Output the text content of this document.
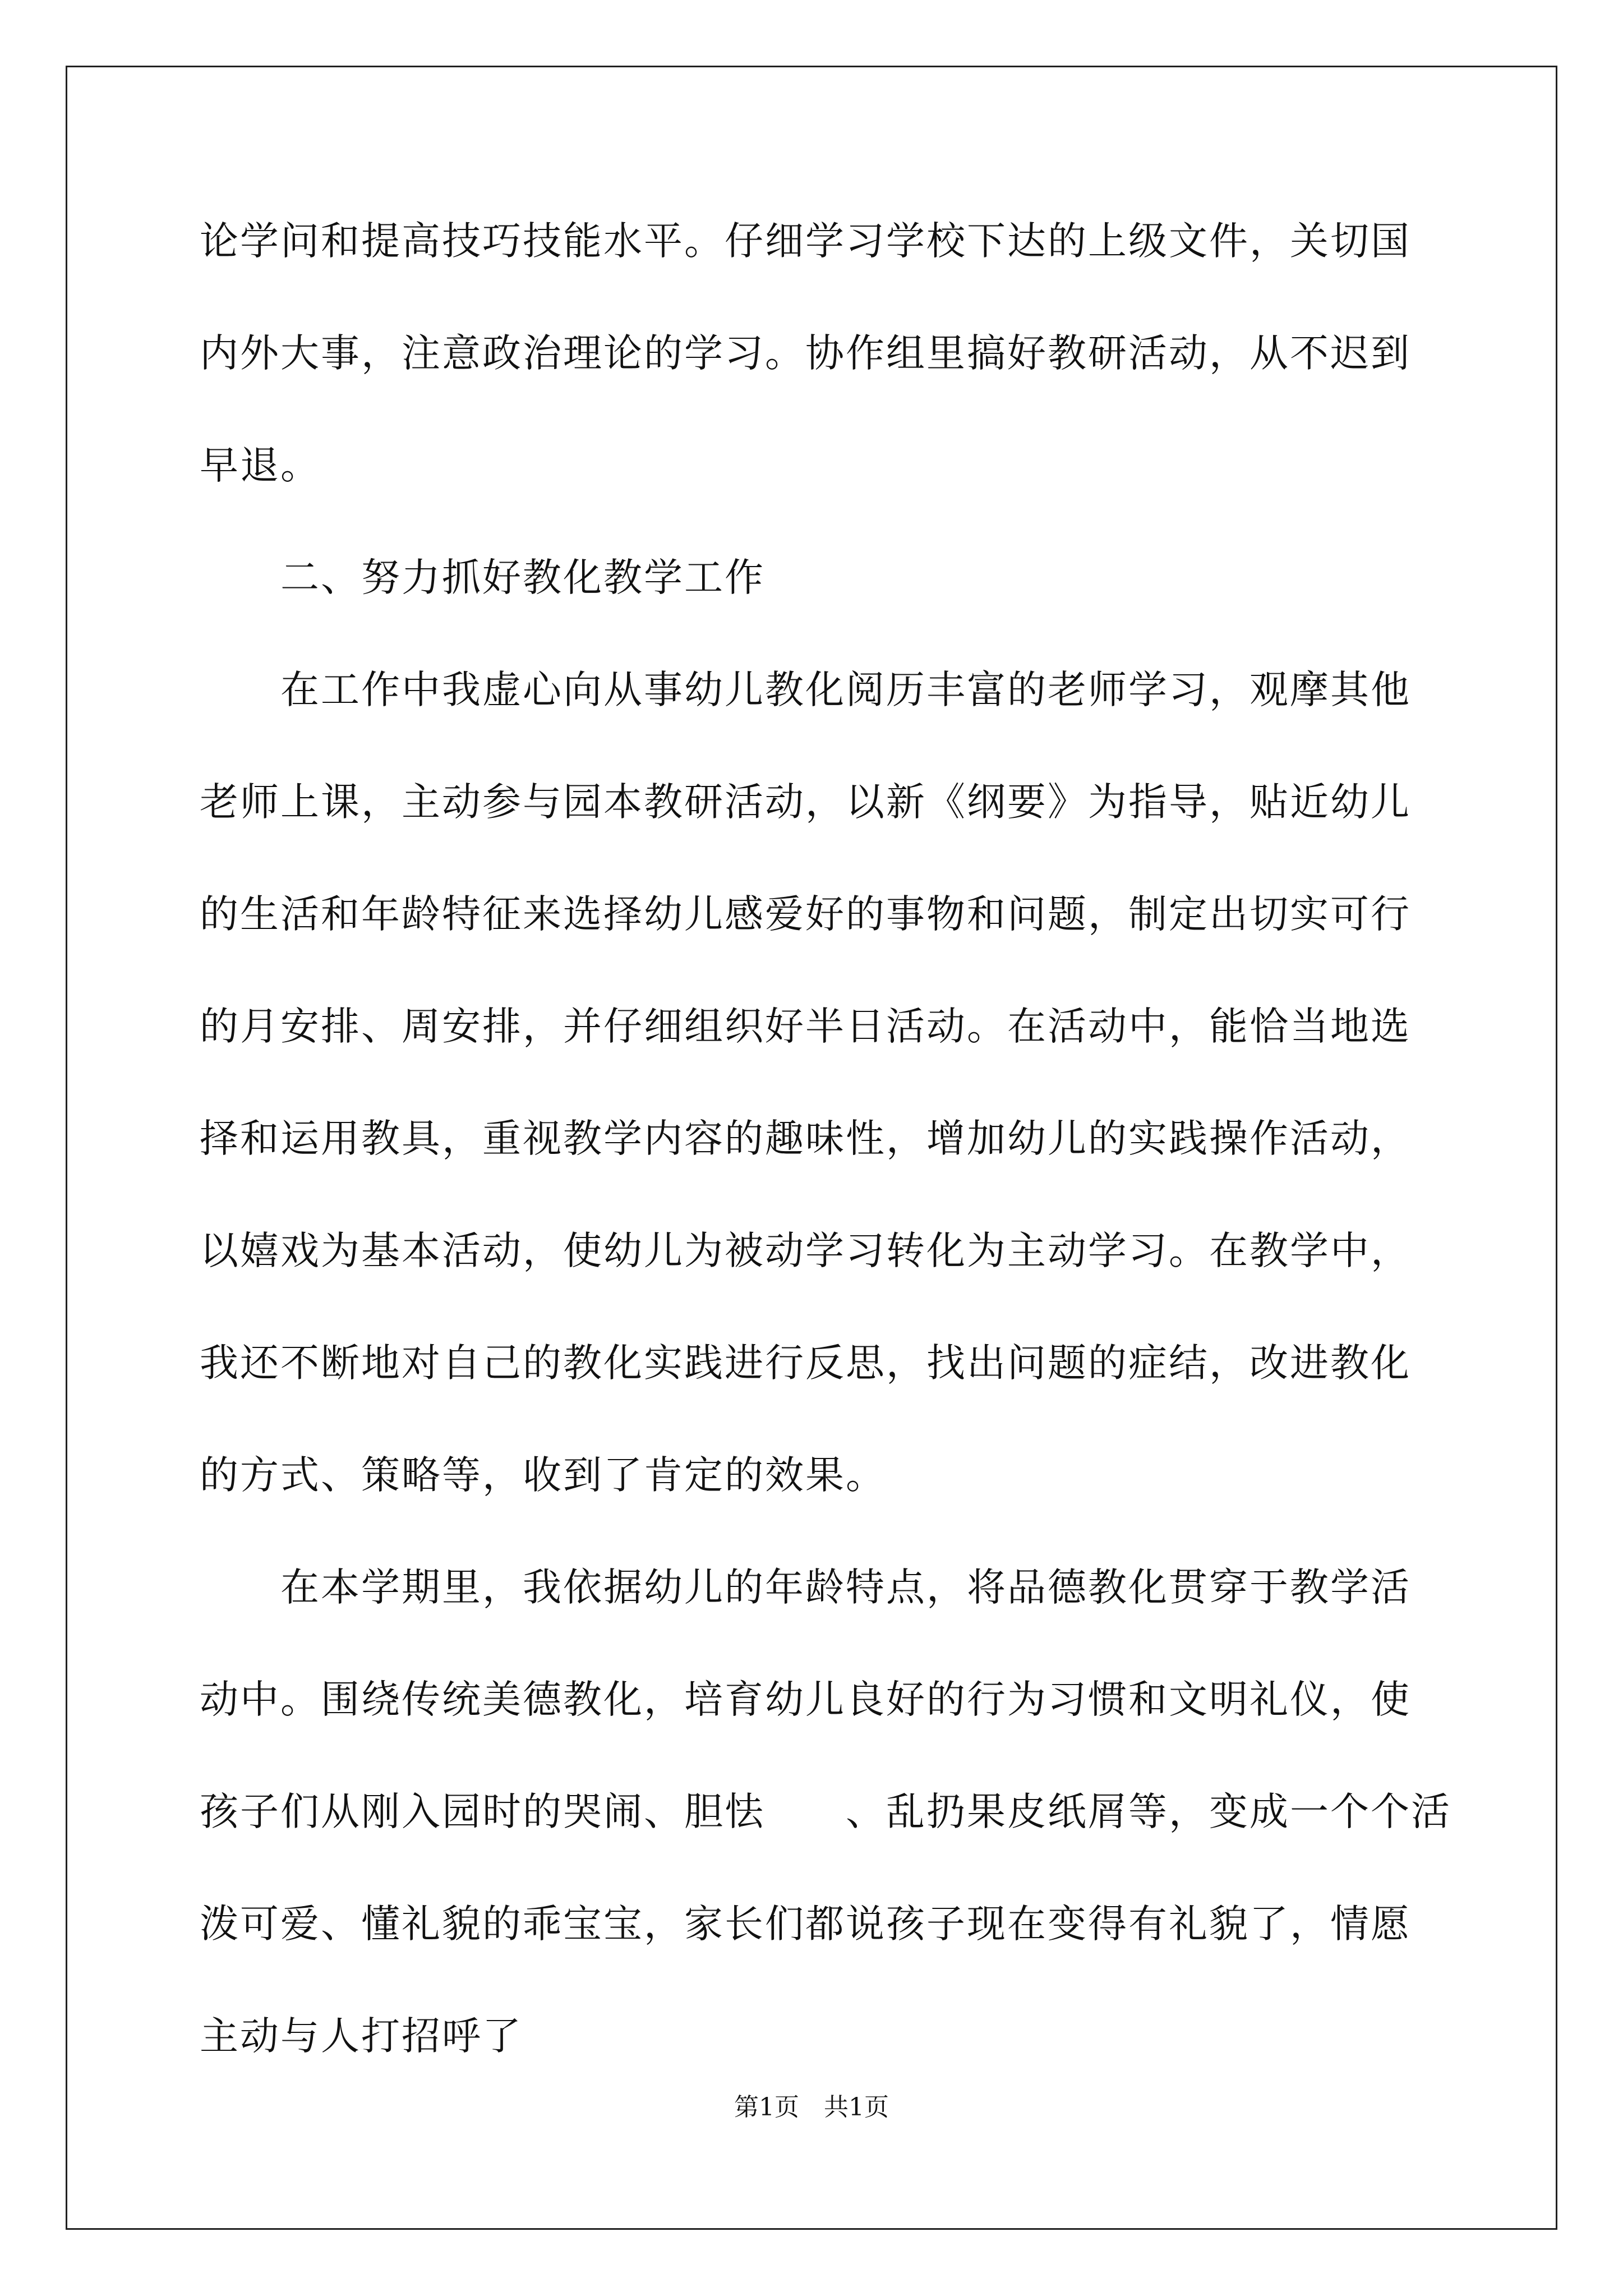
论学问和提高技巧技能水平。仔细学习学校下达的上级文件，关切国
内外大事，注意政治理论的学习。协作组里搞好教研活动，从不迟到
早退。
　　二、努力抓好教化教学工作
　　在工作中我虚心向从事幼儿教化阅历丰富的老师学习，观摩其他
老师上课，主动参与园本教研活动，以新《纲要》为指导，贴近幼儿
的生活和年龄特征来选择幼儿感爱好的事物和问题，制定出切实可行
的月安排、周安排，并仔细组织好半日活动。在活动中，能恰当地选
择和运用教具，重视教学内容的趣味性，增加幼儿的实践操作活动，
以嬉戏为基本活动，使幼儿为被动学习转化为主动学习。在教学中，
我还不断地对自己的教化实践进行反思，找出问题的症结，改进教化
的方式、策略等，收到了肯定的效果。
　　在本学期里，我依据幼儿的年龄特点，将品德教化贯穿于教学活
动中。围绕传统美德教化，培育幼儿良好的行为习惯和文明礼仪，使
孩子们从刚入园时的哭闹、胆怯　　、乱扔果皮纸屑等，变成一个个活
泼可爱、懂礼貌的乖宝宝，家长们都说孩子现在变得有礼貌了，情愿
主动与人打招呼了
第1页　共1页
